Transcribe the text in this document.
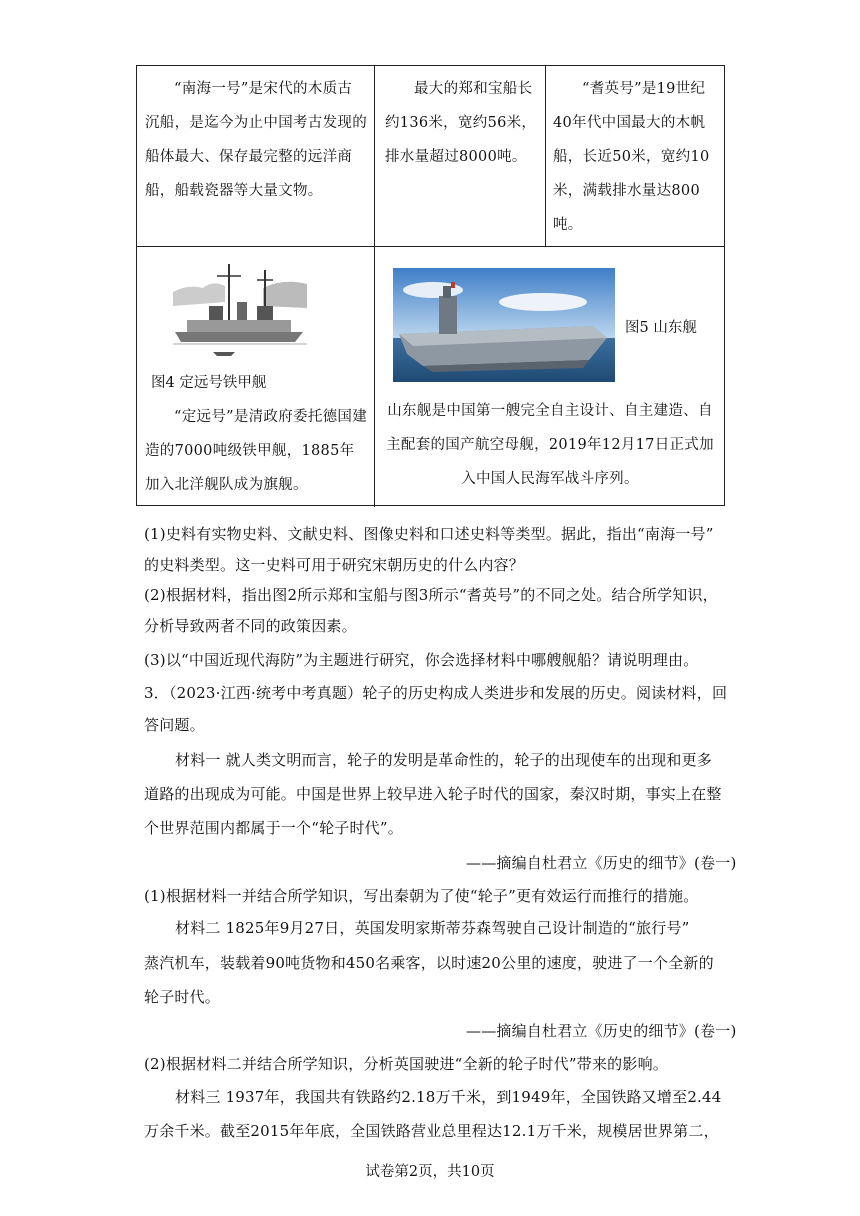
“南海一号”是宋代的木质古沉船，是迄今为止中国考古发现的船体最大、保存最完整的远洋商船，船载瓷器等大量文物。
最大的郑和宝船长约136米，宽约56米，排水量超过8000吨。
“耆英号”是19世纪40年代中国最大的木帆船，长近50米，宽约10米，满载排水量达800吨。
图4 定远号铁甲舰
“定远号”是清政府委托德国建造的7000吨级铁甲舰，1885年加入北洋舰队成为旗舰。
图5 山东舰
山东舰是中国第一艘完全自主设计、自主建造、自主配套的国产航空母舰，2019年12月17日正式加入中国人民海军战斗序列。
(1)史料有实物史料、文献史料、图像史料和口述史料等类型。据此，指出“南海一号”
的史料类型。这一史料可用于研究宋朝历史的什么内容？
(2)根据材料，指出图2所示郑和宝船与图3所示“耆英号”的不同之处。结合所学知识，
分析导致两者不同的政策因素。
(3)以“中国近现代海防”为主题进行研究，你会选择材料中哪艘舰船？请说明理由。
3．（2023·江西·统考中考真题）轮子的历史构成人类进步和发展的历史。阅读材料，回
答问题。
材料一 就人类文明而言，轮子的发明是革命性的，轮子的出现使车的出现和更多
道路的出现成为可能。中国是世界上较早进入轮子时代的国家，秦汉时期，事实上在整
个世界范围内都属于一个“轮子时代”。
——摘编自杜君立《历史的细节》(卷一)
(1)根据材料一并结合所学知识，写出秦朝为了使“轮子”更有效运行而推行的措施。
材料二 1825年9月27日，英国发明家斯蒂芬森驾驶自己设计制造的“旅行号”
蒸汽机车，装载着90吨货物和450名乘客，以时速20公里的速度，驶进了一个全新的
轮子时代。
——摘编自杜君立《历史的细节》(卷一)
(2)根据材料二并结合所学知识，分析英国驶进“全新的轮子时代”带来的影响。
材料三 1937年，我国共有铁路约2.18万千米，到1949年，全国铁路又增至2.44
万余千米。截至2015年年底，全国铁路营业总里程达12.1万千米，规模居世界第二，
试卷第2页，共10页
